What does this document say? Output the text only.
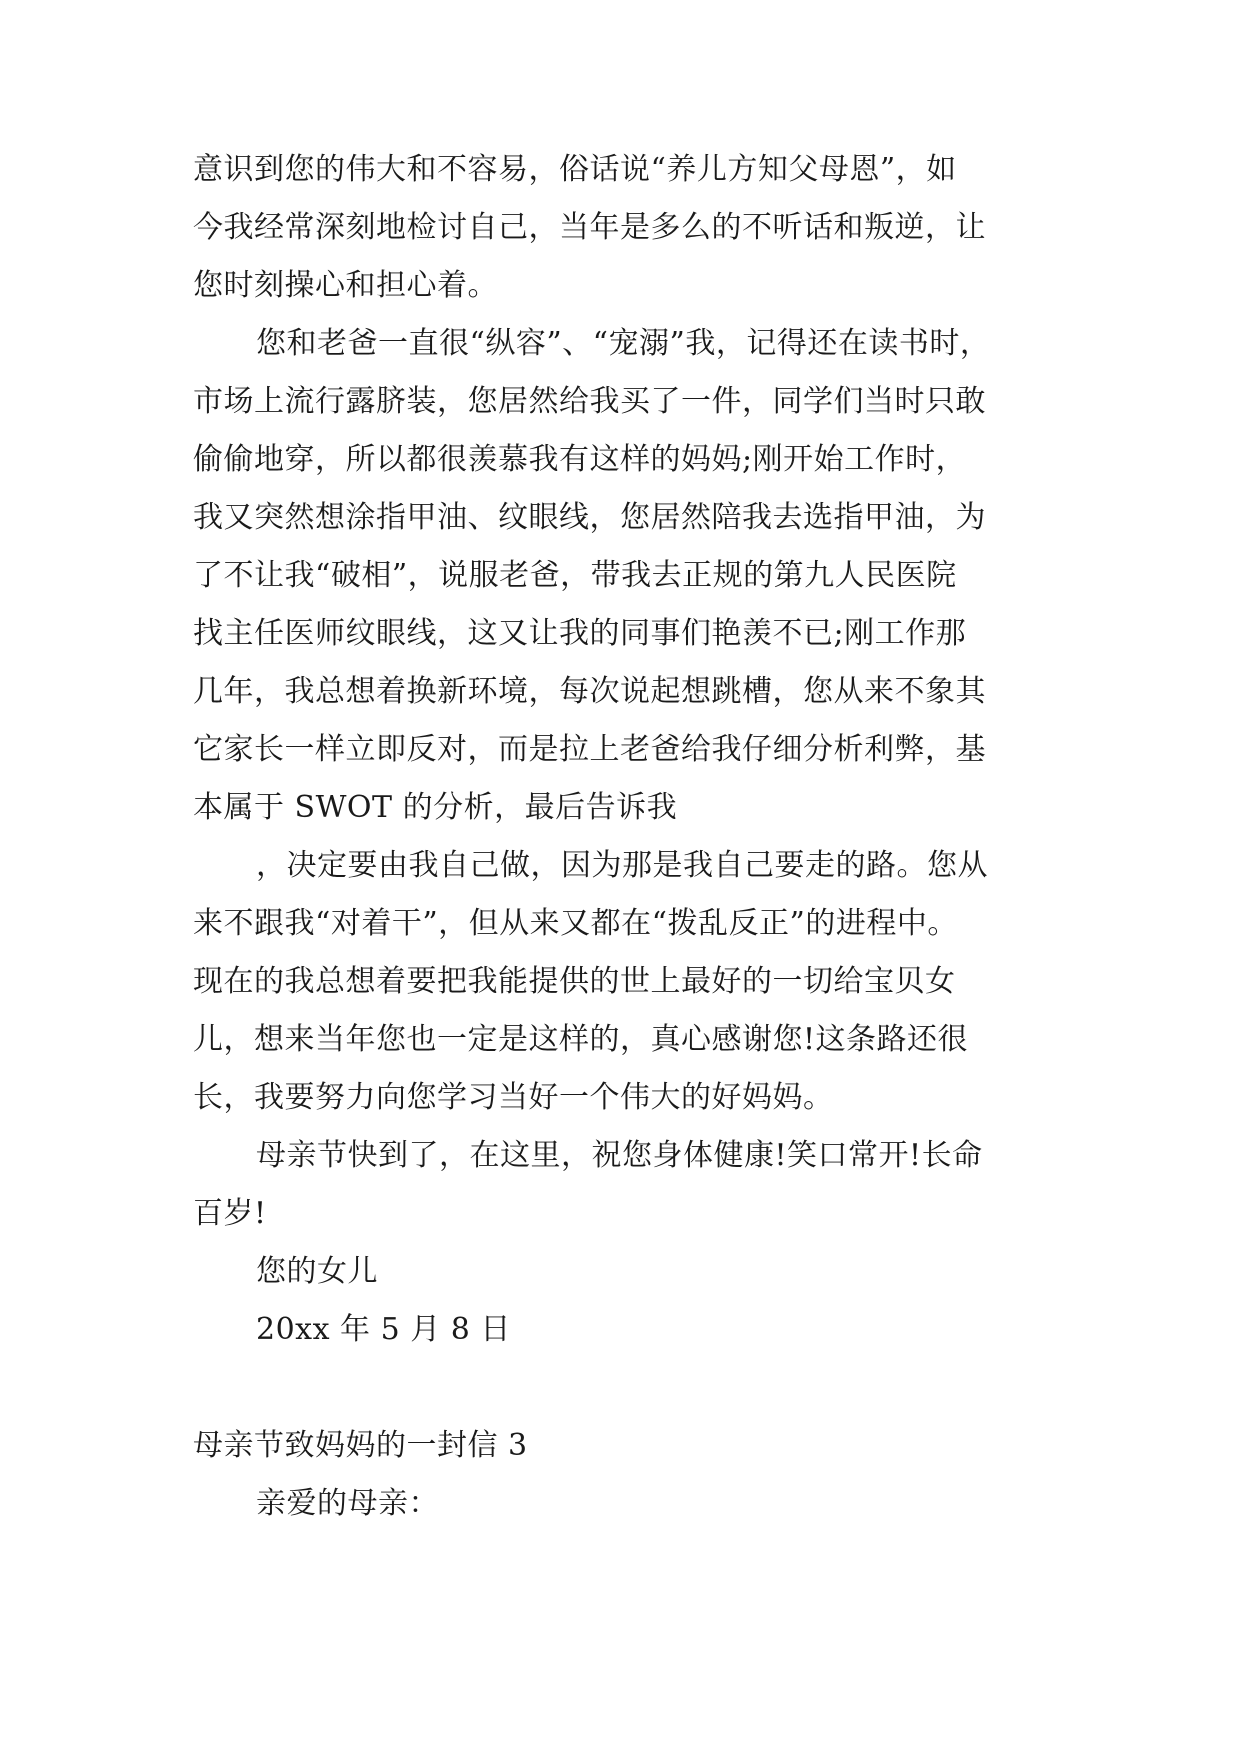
意识到您的伟大和不容易，俗话说“养儿方知父母恩”，如
今我经常深刻地检讨自己，当年是多么的不听话和叛逆，让
您时刻操心和担心着。
您和老爸一直很“纵容”、“宠溺”我，记得还在读书时，
市场上流行露脐装，您居然给我买了一件，同学们当时只敢
偷偷地穿，所以都很羡慕我有这样的妈妈;刚开始工作时，
我又突然想涂指甲油、纹眼线，您居然陪我去选指甲油，为
了不让我“破相”，说服老爸，带我去正规的第九人民医院
找主任医师纹眼线，这又让我的同事们艳羡不已;刚工作那
几年，我总想着换新环境，每次说起想跳槽，您从来不象其
它家长一样立即反对，而是拉上老爸给我仔细分析利弊，基
本属于 SWOT 的分析，最后告诉我
，决定要由我自己做，因为那是我自己要走的路。您从
来不跟我“对着干”，但从来又都在“拨乱反正”的进程中。
现在的我总想着要把我能提供的世上最好的一切给宝贝女
儿，想来当年您也一定是这样的，真心感谢您!这条路还很
长，我要努力向您学习当好一个伟大的好妈妈。
母亲节快到了，在这里，祝您身体健康!笑口常开!长命
百岁!
您的女儿
20xx 年 5 月 8 日
母亲节致妈妈的一封信 3
亲爱的母亲：
